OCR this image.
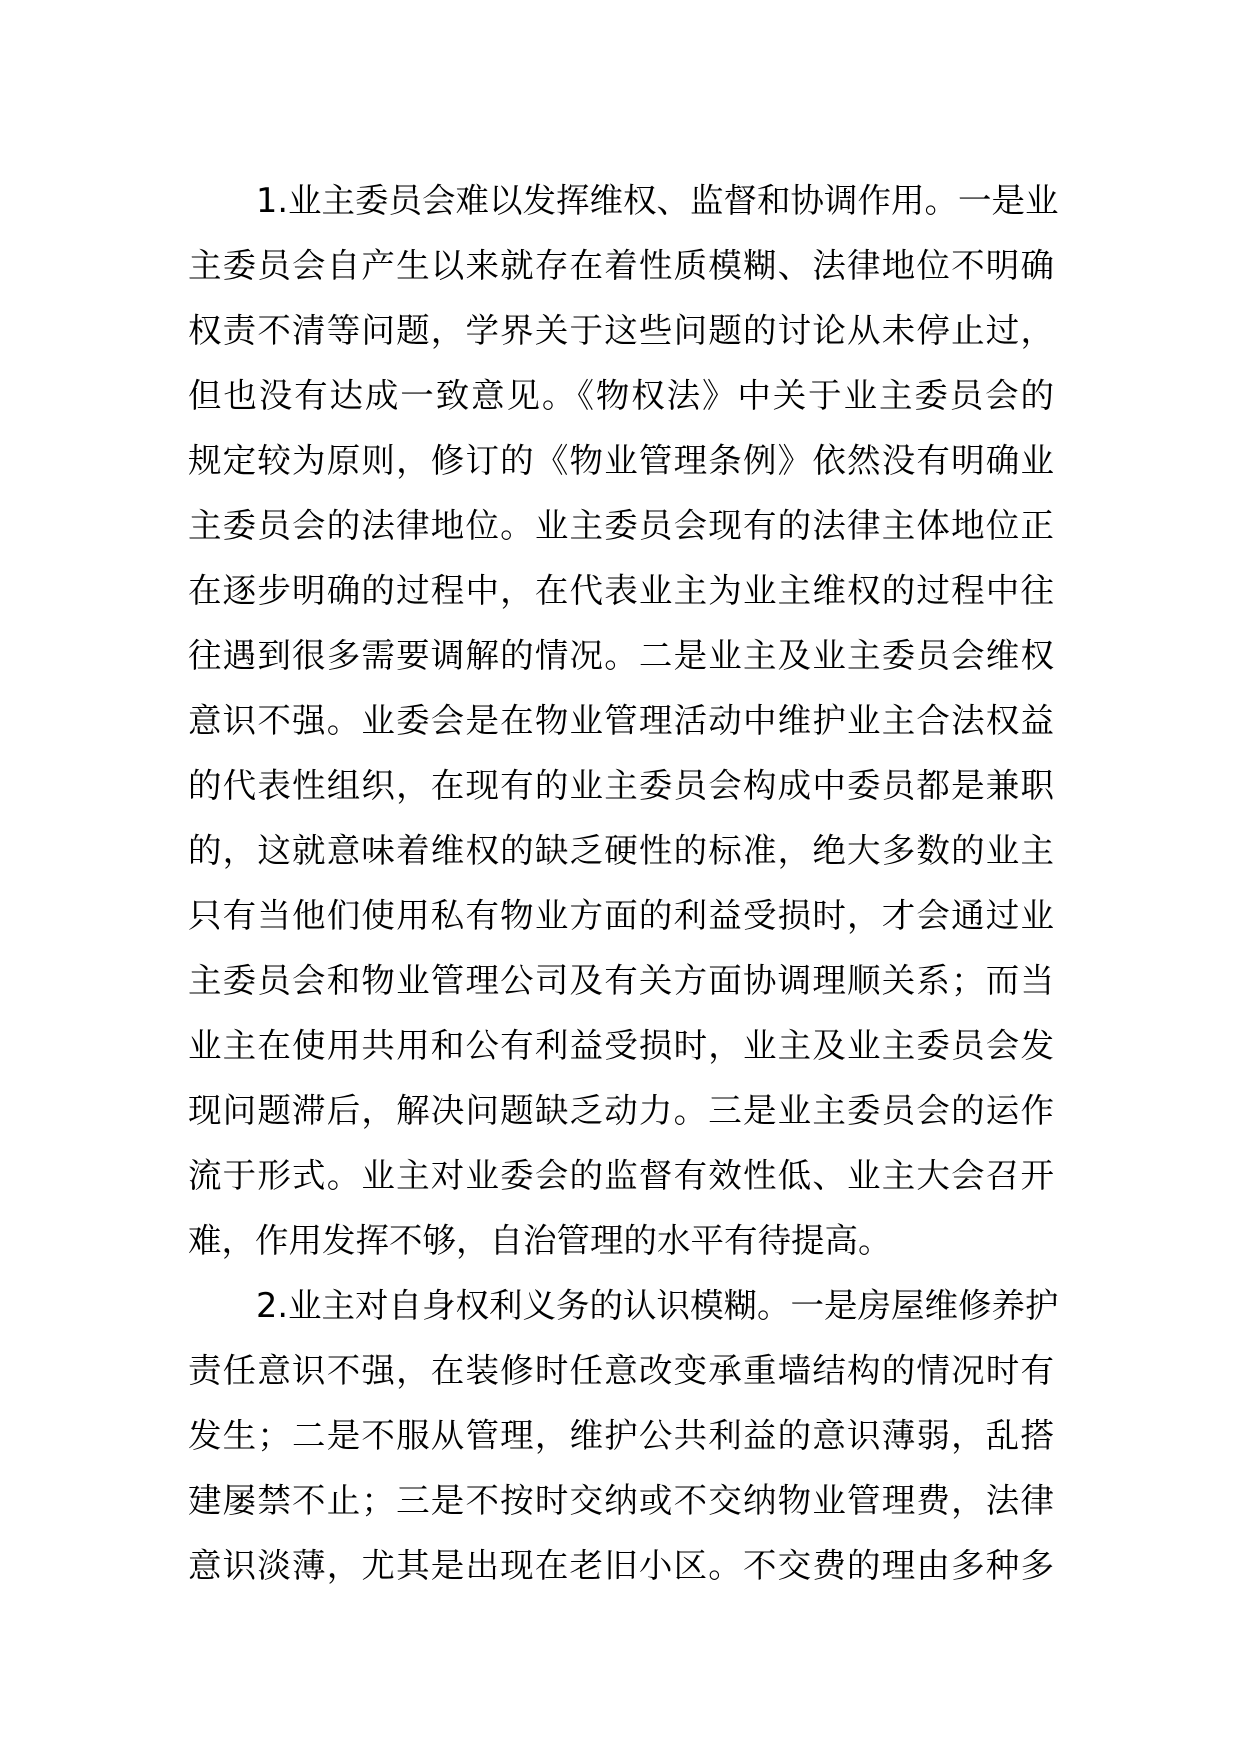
1.业主委员会难以发挥维权、监督和协调作用。一是业
主委员会自产生以来就存在着性质模糊、法律地位不明确
权责不清等问题，学界关于这些问题的讨论从未停止过，
但也没有达成一致意见。《物权法》中关于业主委员会的
规定较为原则，修订的《物业管理条例》依然没有明确业
主委员会的法律地位。业主委员会现有的法律主体地位正
在逐步明确的过程中，在代表业主为业主维权的过程中往
往遇到很多需要调解的情况。二是业主及业主委员会维权
意识不强。业委会是在物业管理活动中维护业主合法权益
的代表性组织，在现有的业主委员会构成中委员都是兼职
的，这就意味着维权的缺乏硬性的标准，绝大多数的业主
只有当他们使用私有物业方面的利益受损时，才会通过业
主委员会和物业管理公司及有关方面协调理顺关系；而当
业主在使用共用和公有利益受损时，业主及业主委员会发
现问题滞后，解决问题缺乏动力。三是业主委员会的运作
流于形式。业主对业委会的监督有效性低、业主大会召开
难，作用发挥不够，自治管理的水平有待提高。
2.业主对自身权利义务的认识模糊。一是房屋维修养护
责任意识不强，在装修时任意改变承重墙结构的情况时有
发生；二是不服从管理，维护公共利益的意识薄弱，乱搭
建屡禁不止；三是不按时交纳或不交纳物业管理费，法律
意识淡薄，尤其是出现在老旧小区。不交费的理由多种多
